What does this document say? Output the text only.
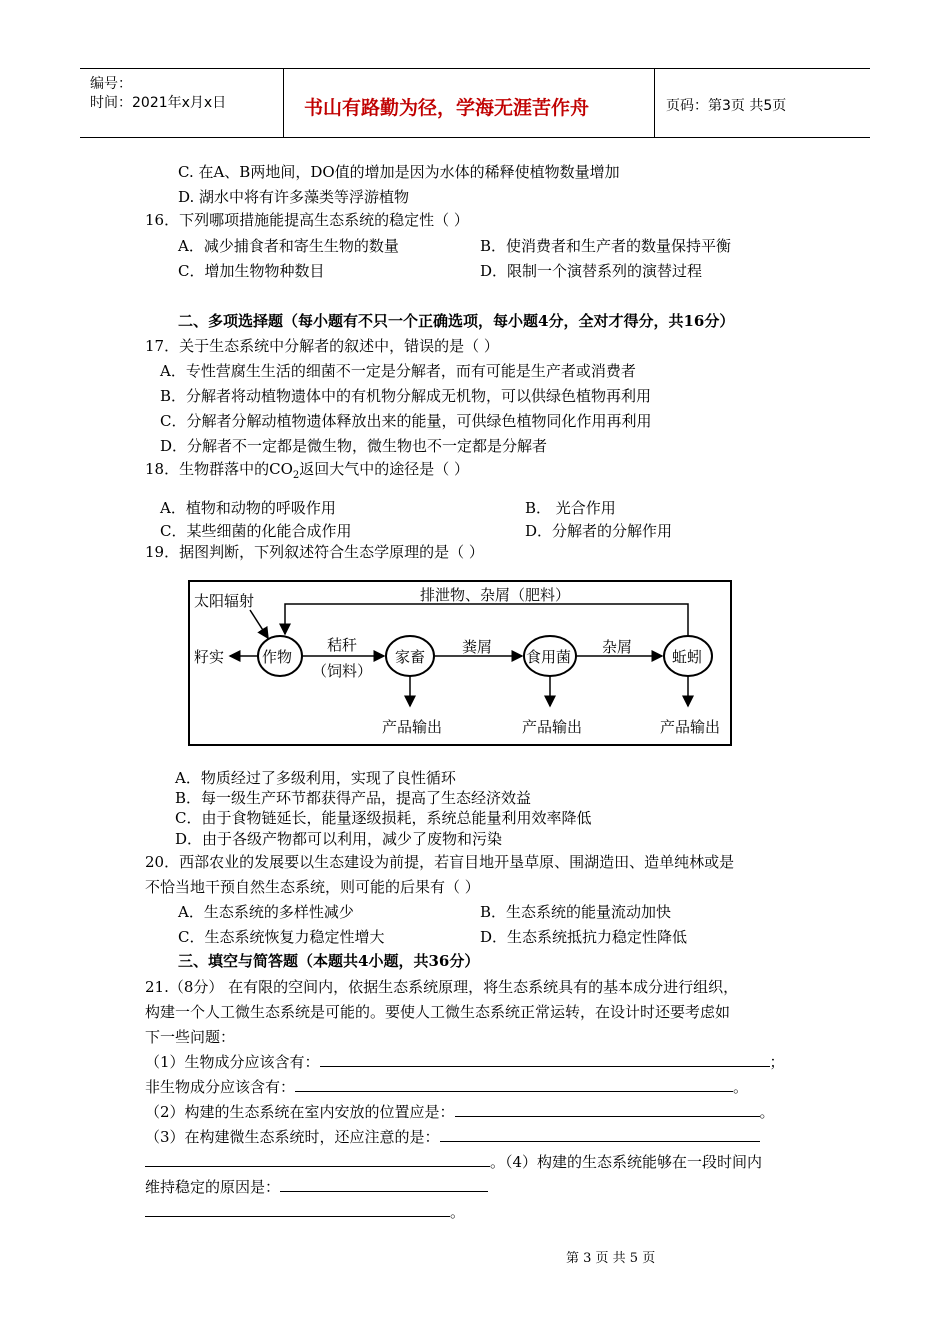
编号：
时间：2021年x月x日	书山有路勤为径，学海无涯苦作舟	页码：第3页 共5页
C. 在A、B两地间，DO值的增加是因为水体的稀释使植物数量增加
D. 湖水中将有许多藻类等浮游植物
16．下列哪项措施能提高生态系统的稳定性（ ）
A．减少捕食者和寄生生物的数量	B．使消费者和生产者的数量保持平衡
C．增加生物物种数目	D．限制一个演替系列的演替过程
二、多项选择题（每小题有不只一个正确选项，每小题4分，全对才得分，共16分）
17．关于生态系统中分解者的叙述中，错误的是（ ）
A．专性营腐生生活的细菌不一定是分解者，而有可能是生产者或消费者
B．分解者将动植物遗体中的有机物分解成无机物，可以供绿色植物再利用
C．分解者分解动植物遗体释放出来的能量，可供绿色植物同化作用再利用
D．分解者不一定都是微生物，微生物也不一定都是分解者
18．生物群落中的$CO_2$返回大气中的途径是（ ）
A．植物和动物的呼吸作用	B． 光合作用
C．某些细菌的化能合成作用	D．分解者的分解作用
19．据图判断，下列叙述符合生态学原理的是（ ）
太阳辐射	排泄物、杂屑（肥料）
籽实	作物
秸秆
（饲料）
家畜
粪屑
食用菌
杂屑
蚯蚓
产品输出	产品输出	产品输出
A．物质经过了多级利用，实现了良性循环
B．每一级生产环节都获得产品，提高了生态经济效益
C．由于食物链延长，能量逐级损耗，系统总能量利用效率降低
D．由于各级产物都可以利用，减少了废物和污染
20．西部农业的发展要以生态建设为前提，若盲目地开垦草原、围湖造田、造单纯林或是
不恰当地干预自然生态系统，则可能的后果有（ ）
A．生态系统的多样性减少	B．生态系统的能量流动加快
C．生态系统恢复力稳定性增大	D．生态系统抵抗力稳定性降低
三、填空与简答题（本题共4小题，共36分）
21.（8分） 在有限的空间内，依据生态系统原理，将生态系统具有的基本成分进行组织，
构建一个人工微生态系统是可能的。要使人工微生态系统正常运转，在设计时还要考虑如
下一些问题：
（1）生物成分应该含有：	；
非生物成分应该含有：	。
（2）构建的生态系统在室内安放的位置应是：	。
（3）在构建微生态系统时，还应注意的是：
。（4）构建的生态系统能够在一段时间内
维持稳定的原因是：
。
第 3 页 共 5 页
